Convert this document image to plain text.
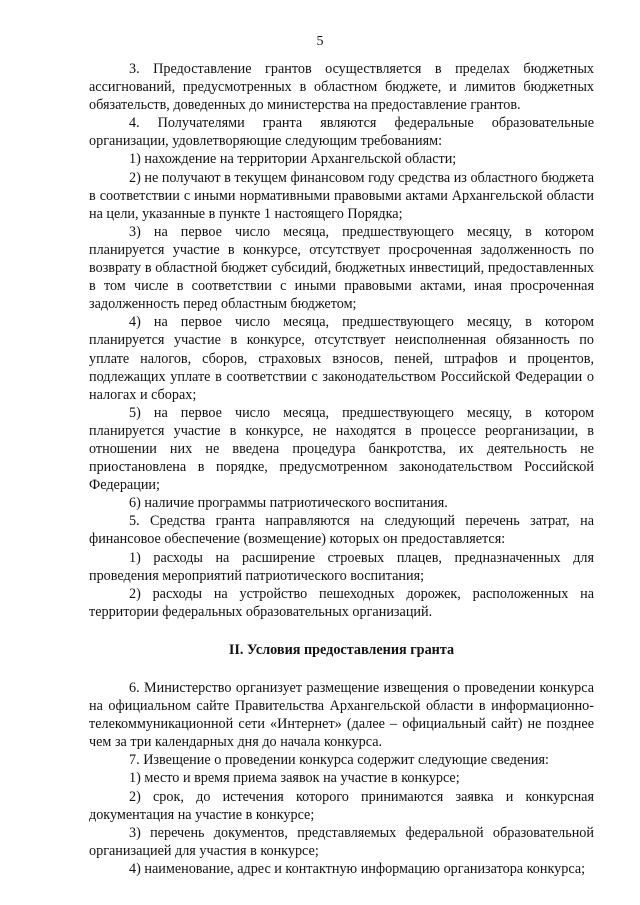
5

3. Предоставление грантов осуществляется в пределах бюджетных ассигнований, предусмотренных в областном бюджете, и лимитов бюджетных обязательств, доведенных до министерства на предоставление грантов.

4. Получателями гранта являются федеральные образовательные организации, удовлетворяющие следующим требованиям:

1) нахождение на территории Архангельской области;

2) не получают в текущем финансовом году средства из областного бюджета в соответствии с иными нормативными правовыми актами Архангельской области на цели, указанные в пункте 1 настоящего Порядка;

3) на первое число месяца, предшествующего месяцу, в котором планируется участие в конкурсе, отсутствует просроченная задолженность по возврату в областной бюджет субсидий, бюджетных инвестиций, предоставленных в том числе в соответствии с иными правовыми актами, иная просроченная задолженность перед областным бюджетом;

4) на первое число месяца, предшествующего месяцу, в котором планируется участие в конкурсе, отсутствует неисполненная обязанность по уплате налогов, сборов, страховых взносов, пеней, штрафов и процентов, подлежащих уплате в соответствии с законодательством Российской Федерации о налогах и сборах;

5) на первое число месяца, предшествующего месяцу, в котором планируется участие в конкурсе, не находятся в процессе реорганизации, в отношении них не введена процедура банкротства, их деятельность не приостановлена в порядке, предусмотренном законодательством Российской Федерации;

6) наличие программы патриотического воспитания.

5. Средства гранта направляются на следующий перечень затрат, на финансовое обеспечение (возмещение) которых он предоставляется:

1) расходы на расширение строевых плацев, предназначенных для проведения мероприятий патриотического воспитания;

2) расходы на устройство пешеходных дорожек, расположенных на территории федеральных образовательных организаций.

II. Условия предоставления гранта

6. Министерство организует размещение извещения о проведении конкурса на официальном сайте Правительства Архангельской области в информационно-телекоммуникационной сети «Интернет» (далее – официальный сайт) не позднее чем за три календарных дня до начала конкурса.

7. Извещение о проведении конкурса содержит следующие сведения:

1) место и время приема заявок на участие в конкурсе;

2) срок, до истечения которого принимаются заявка и конкурсная документация на участие в конкурсе;

3) перечень документов, представляемых федеральной образовательной организацией для участия в конкурсе;

4) наименование, адрес и контактную информацию организатора конкурса;
